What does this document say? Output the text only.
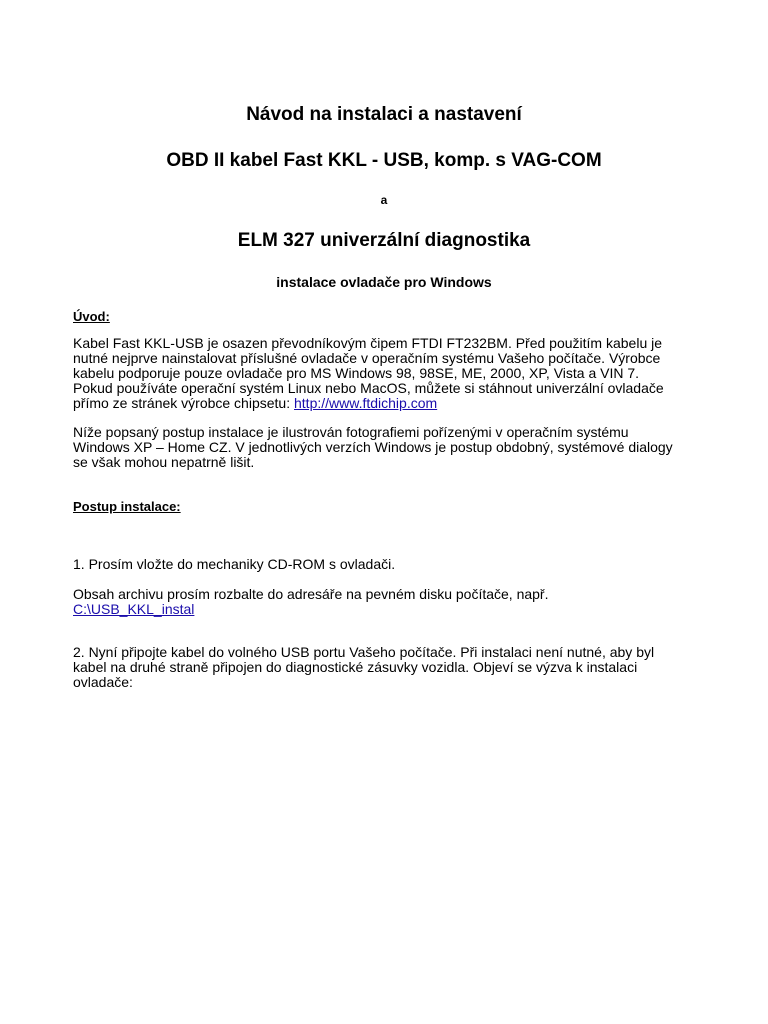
Návod na instalaci a nastavení
OBD II kabel Fast KKL - USB, komp. s VAG-COM
a
ELM 327 univerzální diagnostika
instalace ovladače pro Windows
Úvod:
Kabel Fast KKL-USB je osazen převodníkovým čipem FTDI FT232BM. Před použitím kabelu je
nutné nejprve nainstalovat příslušné ovladače v operačním systému Vašeho počítače. Výrobce
kabelu podporuje pouze ovladače pro MS Windows 98, 98SE, ME, 2000, XP, Vista a VIN 7.
Pokud používáte operační systém Linux nebo MacOS, můžete si stáhnout univerzální ovladače
přímo ze stránek výrobce chipsetu: http://www.ftdichip.com
Níže popsaný postup instalace je ilustrován fotografiemi pořízenými v operačním systému
Windows XP – Home CZ. V jednotlivých verzích Windows je postup obdobný, systémové dialogy
se však mohou nepatrně lišit.
Postup instalace:
1. Prosím vložte do mechaniky CD-ROM s ovladači.
Obsah archivu prosím rozbalte do adresáře na pevném disku počítače, např.
C:\USB_KKL_instal
2. Nyní připojte kabel do volného USB portu Vašeho počítače. Při instalaci není nutné, aby byl
kabel na druhé straně připojen do diagnostické zásuvky vozidla. Objeví se výzva k instalaci
ovladače:
